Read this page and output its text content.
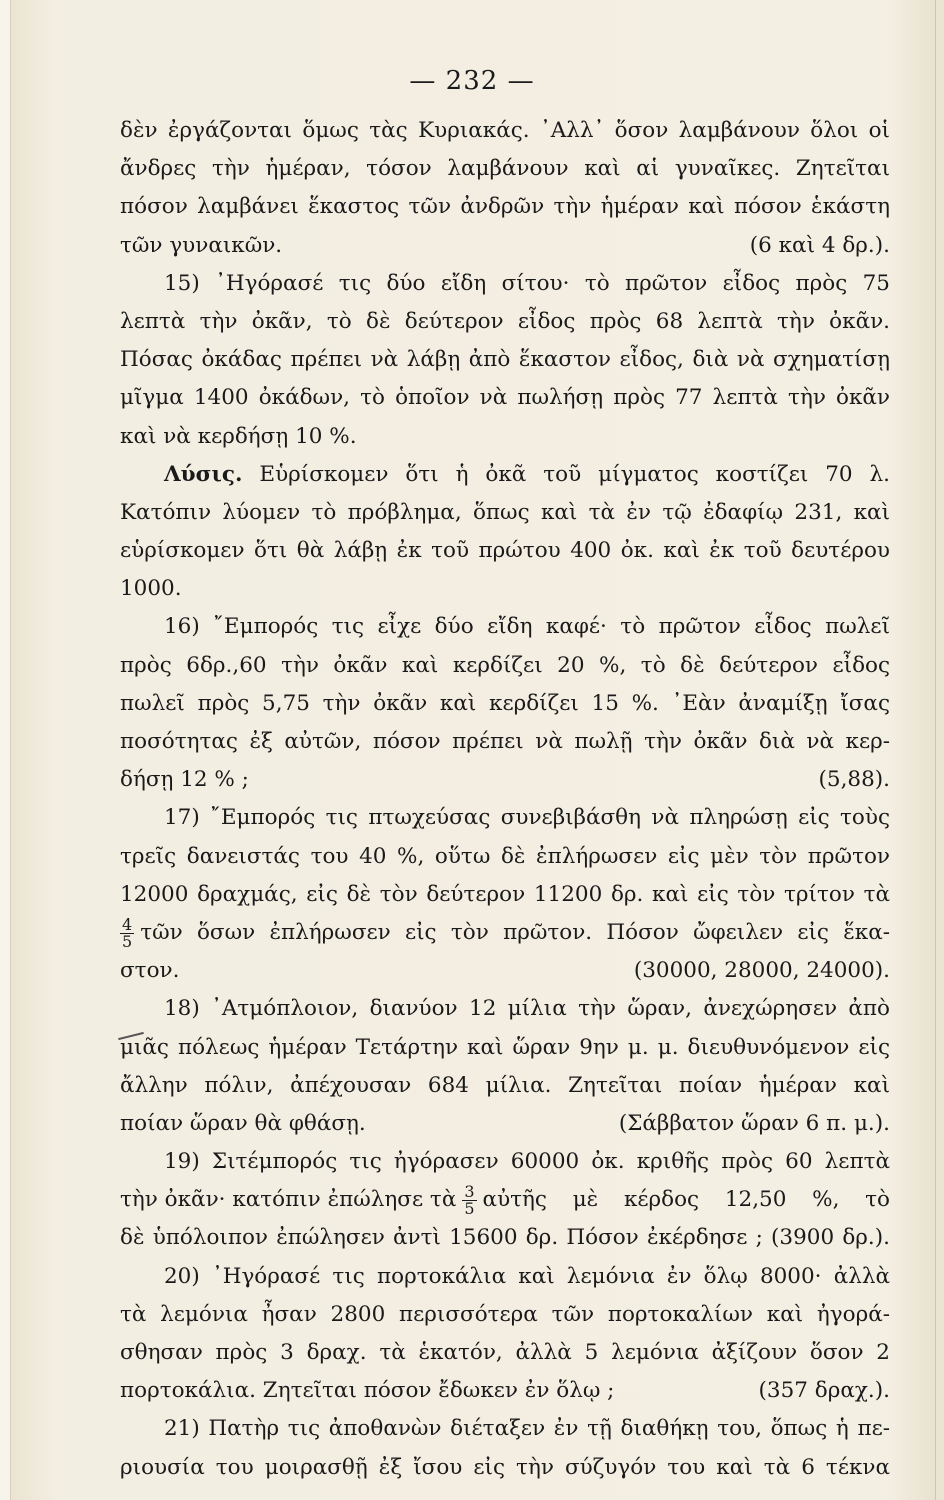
— 232 —
δὲν ἐργάζονται ὅμως τὰς Κυριακάς. ᾿Αλλ᾿ ὅσον λαμβάνουν ὅλοι οἱ
ἄνδρες τὴν ἡμέραν, τόσον λαμβάνουν καὶ αἱ γυναῖκες. Ζητεῖται
πόσον λαμβάνει ἕκαστος τῶν ἀνδρῶν τὴν ἡμέραν καὶ πόσον ἑκάστη
τῶν γυναικῶν.	(6 καὶ 4 δρ.).
15) ᾿Ηγόρασέ τις δύο εἴδη σίτου· τὸ πρῶτον εἶδος πρὸς 75
λεπτὰ τὴν ὀκᾶν, τὸ δὲ δεύτερον εἶδος πρὸς 68 λεπτὰ τὴν ὀκᾶν.
Πόσας ὀκάδας πρέπει νὰ λάβῃ ἀπὸ ἕκαστον εἶδος, διὰ νὰ σχηματίσῃ
μῖγμα 1400 ὀκάδων, τὸ ὁποῖον νὰ πωλήσῃ πρὸς 77 λεπτὰ τὴν ὀκᾶν
καὶ νὰ κερδήσῃ 10 %.
Λύσις. Εὑρίσκομεν ὅτι ἡ ὀκᾶ τοῦ μίγματος κοστίζει 70 λ.
Κατόπιν λύομεν τὸ πρόβλημα, ὅπως καὶ τὰ ἐν τῷ ἐδαφίῳ 231, καὶ
εὑρίσκομεν ὅτι θὰ λάβῃ ἐκ τοῦ πρώτου 400 ὀκ. καὶ ἐκ τοῦ δευτέρου
1000.
16) ῎Εμπορός τις εἶχε δύο εἴδη καφέ· τὸ πρῶτον εἶδος πωλεῖ
πρὸς 6δρ.,60 τὴν ὀκᾶν καὶ κερδίζει 20 %, τὸ δὲ δεύτερον εἶδος
πωλεῖ πρὸς 5,75 τὴν ὀκᾶν καὶ κερδίζει 15 %. ᾿Εὰν ἀναμίξῃ ἴσας
ποσότητας ἐξ αὐτῶν, πόσον πρέπει νὰ πωλῇ τὴν ὀκᾶν διὰ νὰ κερ-
δήσῃ 12 % ;	(5,88).
17) ῎Εμπορός τις πτωχεύσας συνεβιβάσθη νὰ πληρώσῃ εἰς τοὺς
τρεῖς δανειστάς του 40 %, οὕτω δὲ ἐπλήρωσεν εἰς μὲν τὸν πρῶτον
12000 δραχμάς, εἰς δὲ τὸν δεύτερον 11200 δρ. καὶ εἰς τὸν τρίτον τὰ
$\frac{4}{5}$ τῶν ὅσων ἐπλήρωσεν εἰς τὸν πρῶτον. Πόσον ὤφειλεν εἰς ἕκα-
στον.	(30000, 28000, 24000).
18) ᾿Ατμόπλοιον, διανύον 12 μίλια τὴν ὥραν, ἀνεχώρησεν ἀπὸ
μιᾶς πόλεως ἡμέραν Τετάρτην καὶ ὥραν 9ην μ. μ. διευθυνόμενον εἰς
ἄλλην πόλιν, ἀπέχουσαν 684 μίλια. Ζητεῖται ποίαν ἡμέραν καὶ
ποίαν ὥραν θὰ φθάσῃ.	(Σάββατον ὥραν 6 π. μ.).
19) Σιτέμπορός τις ἠγόρασεν 60000 ὀκ. κριθῆς πρὸς 60 λεπτὰ
τὴν ὀκᾶν· κατόπιν ἐπώλησε τὰ $\frac{3}{5}$ αὐτῆς μὲ κέρδος 12,50 %, τὸ
δὲ ὑπόλοιπον ἐπώλησεν ἀντὶ 15600 δρ. Πόσον ἐκέρδησε ; (3900 δρ.).
20) ᾿Ηγόρασέ τις πορτοκάλια καὶ λεμόνια ἐν ὅλῳ 8000· ἀλλὰ
τὰ λεμόνια ἦσαν 2800 περισσότερα τῶν πορτοκαλίων καὶ ἠγορά-
σθησαν πρὸς 3 δραχ. τὰ ἑκατόν, ἀλλὰ 5 λεμόνια ἀξίζουν ὅσον 2
πορτοκάλια. Ζητεῖται πόσον ἔδωκεν ἐν ὅλῳ ;	(357 δραχ.).
21) Πατὴρ τις ἀποθανὼν διέταξεν ἐν τῇ διαθήκῃ του, ὅπως ἡ πε-
ριουσία του μοιρασθῇ ἐξ ἴσου εἰς τὴν σύζυγόν του καὶ τὰ 6 τέκνα
